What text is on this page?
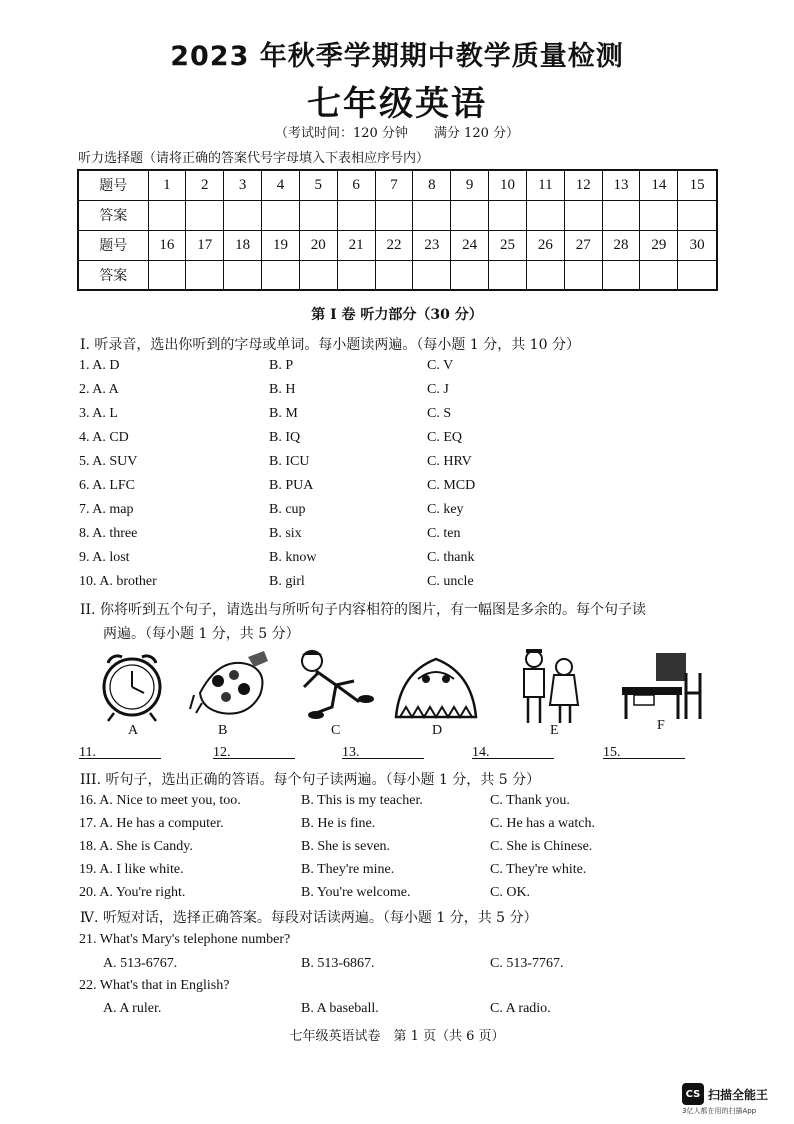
2023 年秋季学期期中教学质量检测
七年级英语
（考试时间：120 分钟　　满分 120 分）
听力选择题（请将正确的答案代号字母填入下表相应序号内）
题号	1	2	3	4	5	6	7	8	9	10	11	12	13	14	15
答案															
题号	16	17	18	19	20	21	22	23	24	25	26	27	28	29	30
答案															
第 I 卷 听力部分（30 分）
Ⅰ. 听录音，选出你听到的字母或单词。每小题读两遍。（每小题 1 分，共 10 分）
1. A. D	B. P	C. V
2. A. A	B. H	C. J
3. A. L	B. M	C. S
4. A. CD	B. IQ	C. EQ
5. A. SUV	B. ICU	C. HRV
6. A. LFC	B. PUA	C. MCD
7. A. map	B. cup	C. key
8. A. three	B. six	C. ten
9. A. lost	B. know	C. thank
10. A. brother	B. girl	C. uncle
II. 你将听到五个句子，请选出与所听句子内容相符的图片，有一幅图是多余的。每个句子读
两遍。（每小题 1 分，共 5 分）
A	B	C	D	E	F
11.	12.	13.	14.	15.
III. 听句子，选出正确的答语。每个句子读两遍。（每小题 1 分，共 5 分）
16. A. Nice to meet you, too.	B. This is my teacher.	C. Thank you.
17. A. He has a computer.	B. He is fine.	C. He has a watch.
18. A. She is Candy.	B. She is seven.	C. She is Chinese.
19. A. I like white.	B. They're mine.	C. They're white.
20. A. You're right.	B. You're welcome.	C. OK.
Ⅳ. 听短对话，选择正确答案。每段对话读两遍。（每小题 1 分，共 5 分）
21. What's Mary's telephone number?
A. 513-6767.	B. 513-6867.	C. 513-7767.
22. What's that in English?
A. A ruler.	B. A baseball.	C. A radio.
七年级英语试卷　第 1 页（共 6 页）
CS 扫描全能王
3亿人都在用的扫描App
